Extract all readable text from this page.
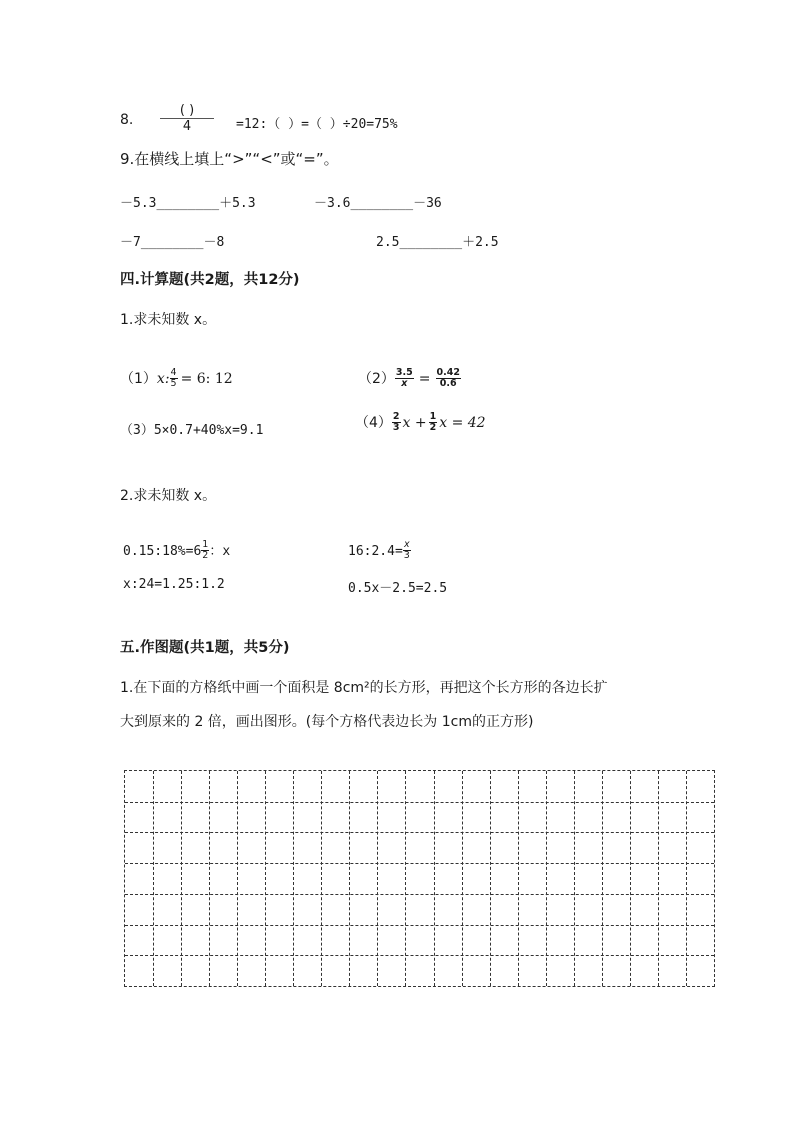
8.
( )
4	=12:（ ）=（ ）÷20=75%
9.在横线上填上“>”“<”或“=”。
－5.3________＋5.3	－3.6________－36
－7________－8	2.5________＋2.5
四.计算题(共2题，共12分)
1.求未知数 x。
（1）x: $\frac{4}{5} = 6$: 12	$(2) \frac{3.5}{x} = \frac{0.42}{0.6}$
（3）5×0.7+40%x=9.1	$(4) \frac{2}{3}$ $x + \frac{1}{2}$ x = 42
2.求未知数 x。
0.15:18%=6 $\frac{1}{2}$ ：x	16:2.4= $\frac{x}{3}$
x:24=1.25:1.2	0.5x－2.5=2.5
五.作图题(共1题，共5分)
1.在下面的方格纸中画一个面积是 8cm²的长方形，再把这个长方形的各边长扩
大到原来的 2 倍，画出图形。(每个方格代表边长为 1cm的正方形)
